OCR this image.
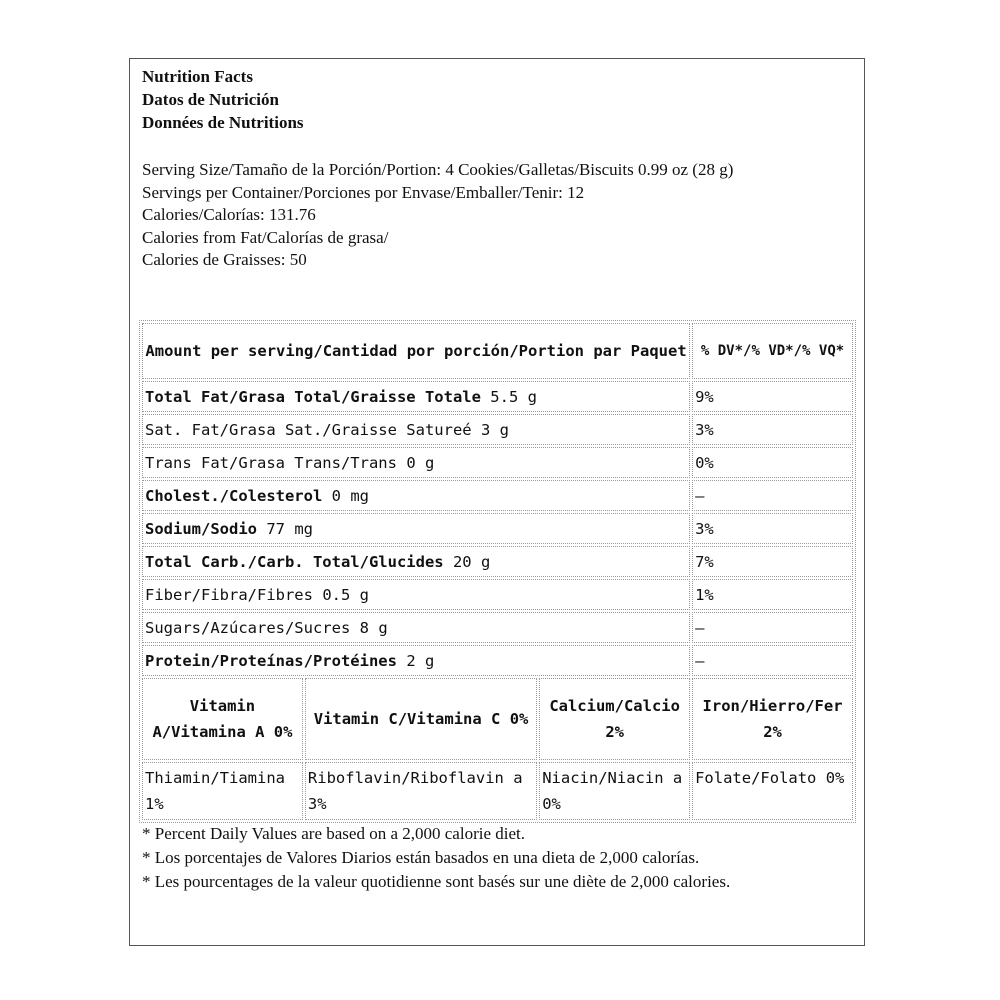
Nutrition Facts
Datos de Nutrición
Données de Nutritions
Serving Size/Tamaño de la Porción/Portion: 4 Cookies/Galletas/Biscuits 0.99 oz (28 g)
Servings per Container/Porciones por Envase/Emballer/Tenir: 12
Calories/Calorías: 131.76
Calories from Fat/Calorías de grasa/
Calories de Graisses: 50
Amount per serving/Cantidad por porción/Portion par Paquet			% DV*/% VD*/% VQ*
Total Fat/Grasa Total/Graisse Totale 5.5 g			9%
Sat. Fat/Grasa Sat./Graisse Satureé 3 g			3%
Trans Fat/Grasa Trans/Trans 0 g			0%
Cholest./Colesterol 0 mg			—
Sodium/Sodio 77 mg			3%
Total Carb./Carb. Total/Glucides 20 g			7%
Fiber/Fibra/Fibres 0.5 g			1%
Sugars/Azúcares/Sucres 8 g			—
Protein/Proteínas/Protéines 2 g			—
Vitamin A/Vitamina A 0%	Vitamin C/Vitamina C 0%	Calcium/Calcio 2%	Iron/Hierro/Fer 2%
Thiamin/Tiamina 1%	Riboflavin/Riboflavin a 3%	Niacin/Niacin a 0%	Folate/Folato 0%
* Percent Daily Values are based on a 2,000 calorie diet.
* Los porcentajes de Valores Diarios están basados en una dieta de 2,000 calorías.
* Les pourcentages de la valeur quotidienne sont basés sur une diète de 2,000 calories.
